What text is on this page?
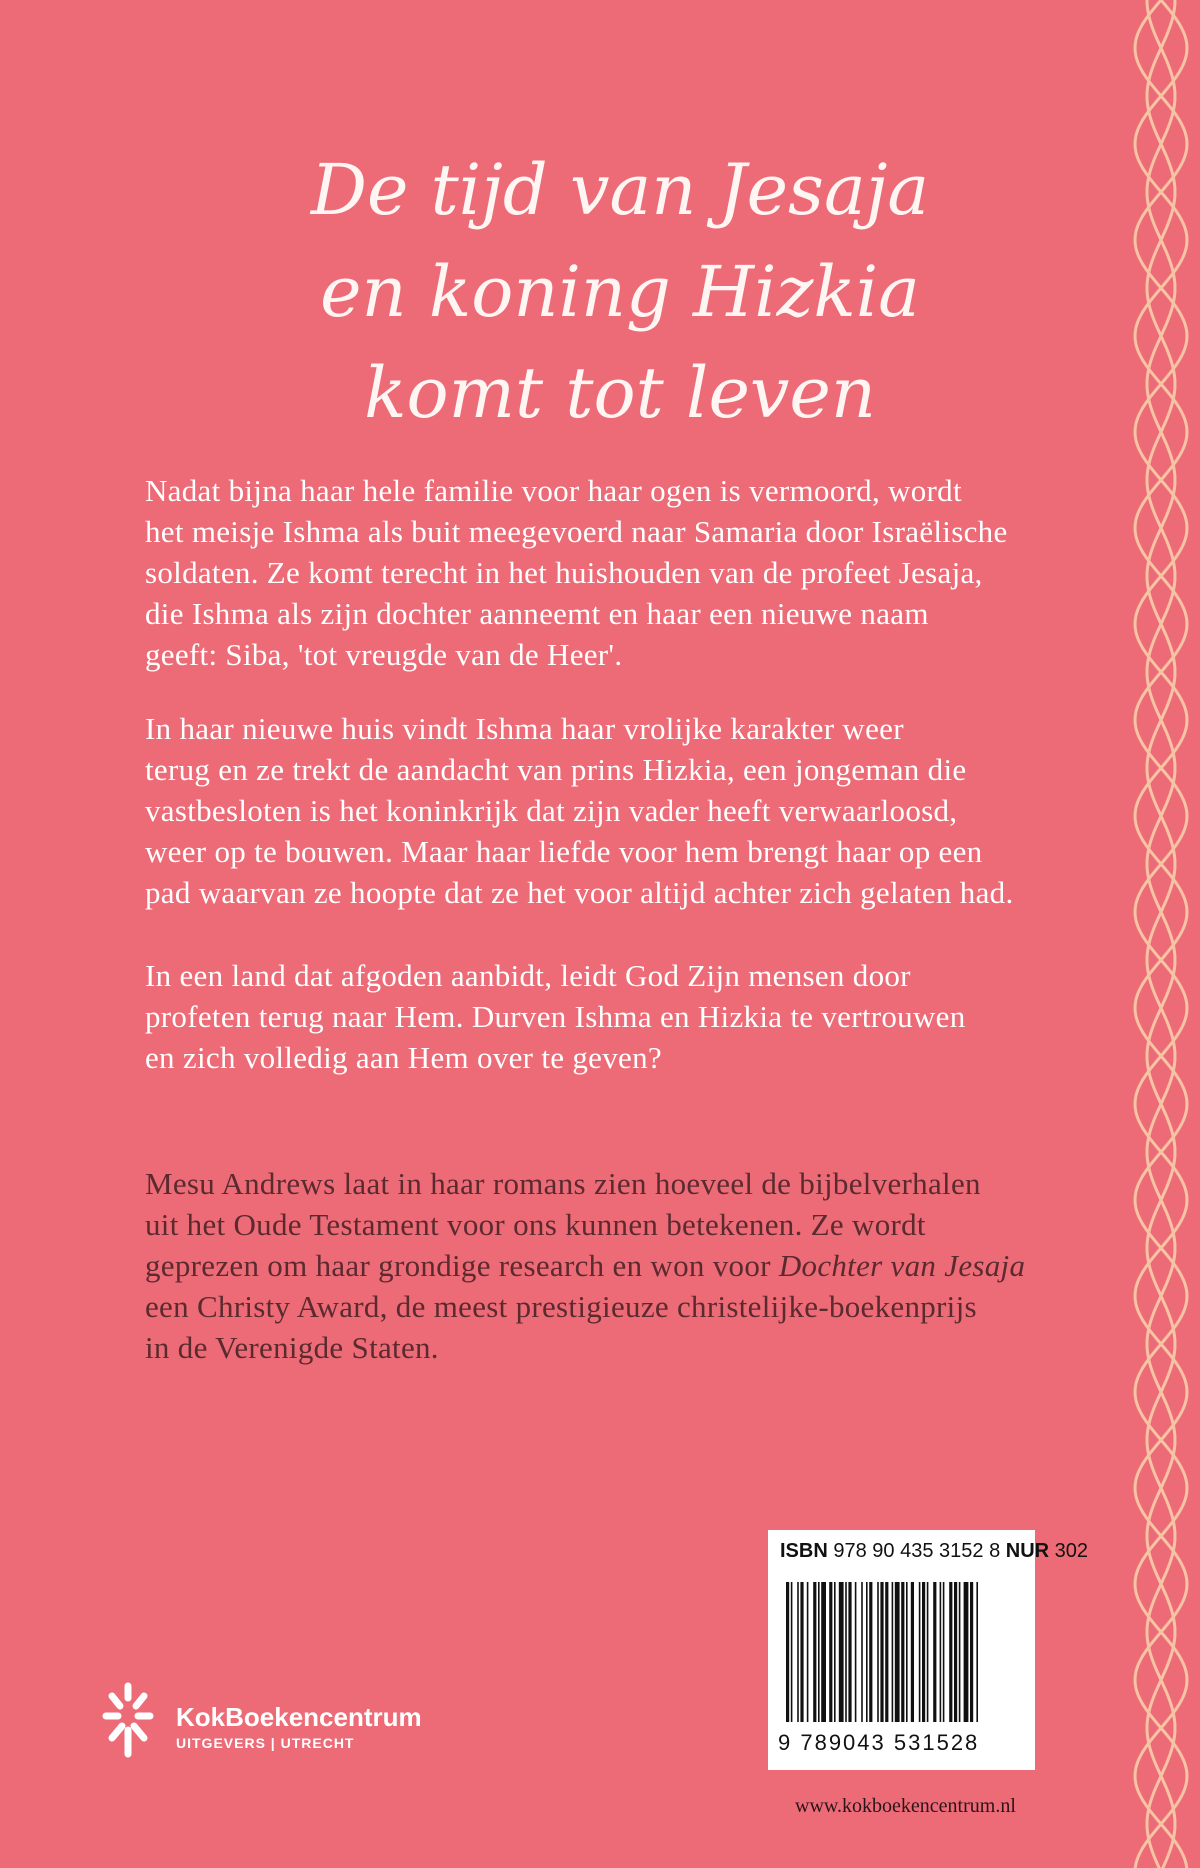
De tijd van Jesaja
en koning Hizkia
komt tot leven
Nadat bijna haar hele familie voor haar ogen is vermoord, wordt
het meisje Ishma als buit meegevoerd naar Samaria door Israëlische
soldaten. Ze komt terecht in het huishouden van de profeet Jesaja,
die Ishma als zijn dochter aanneemt en haar een nieuwe naam
geeft: Siba, 'tot vreugde van de Heer'.
In haar nieuwe huis vindt Ishma haar vrolijke karakter weer
terug en ze trekt de aandacht van prins Hizkia, een jongeman die
vastbesloten is het koninkrijk dat zijn vader heeft verwaarloosd,
weer op te bouwen. Maar haar liefde voor hem brengt haar op een
pad waarvan ze hoopte dat ze het voor altijd achter zich gelaten had.
In een land dat afgoden aanbidt, leidt God Zijn mensen door
profeten terug naar Hem. Durven Ishma en Hizkia te vertrouwen
en zich volledig aan Hem over te geven?
Mesu Andrews laat in haar romans zien hoeveel de bijbelverhalen
uit het Oude Testament voor ons kunnen betekenen. Ze wordt
geprezen om haar grondige research en won voor Dochter van Jesaja
een Christy Award, de meest prestigieuze christelijke-boekenprijs
in de Verenigde Staten.
KokBoekencentrum
UITGEVERS | UTRECHT
ISBN 978 90 435 3152 8 NUR 302
9 789043 531528
www.kokboekencentrum.nl
